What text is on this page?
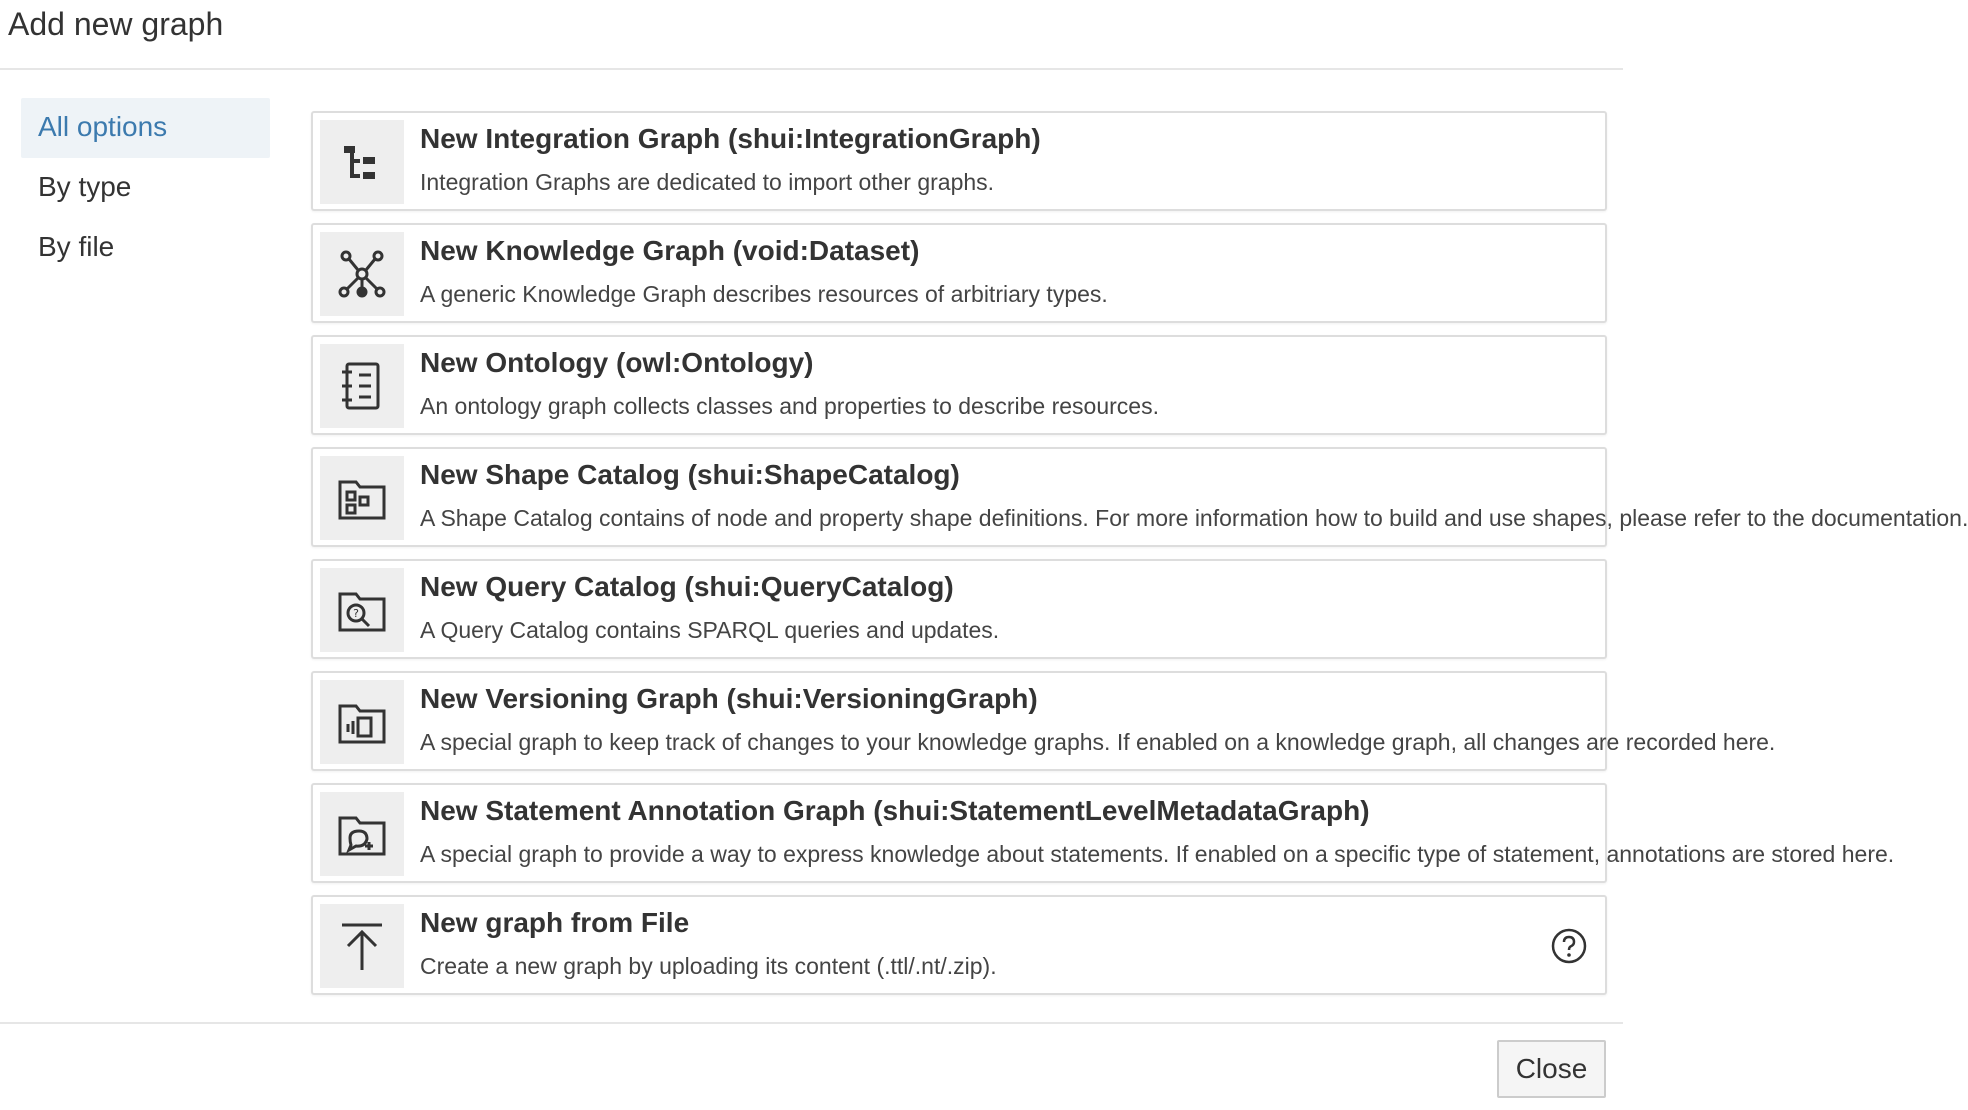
Add new graph
All options
By type
By file
New Integration Graph (shui:IntegrationGraph)
Integration Graphs are dedicated to import other graphs.
New Knowledge Graph (void:Dataset)
A generic Knowledge Graph describes resources of arbitriary types.
New Ontology (owl:Ontology)
An ontology graph collects classes and properties to describe resources.
New Shape Catalog (shui:ShapeCatalog)
A Shape Catalog contains of node and property shape definitions. For more information how to build and use shapes, please refer to the documentation.
?
New Query Catalog (shui:QueryCatalog)
A Query Catalog contains SPARQL queries and updates.
New Versioning Graph (shui:VersioningGraph)
A special graph to keep track of changes to your knowledge graphs. If enabled on a knowledge graph, all changes are recorded here.
New Statement Annotation Graph (shui:StatementLevelMetadataGraph)
A special graph to provide a way to express knowledge about statements. If enabled on a specific type of statement, annotations are stored here.
New graph from File
Create a new graph by uploading its content (.ttl/.nt/.zip).
Close
